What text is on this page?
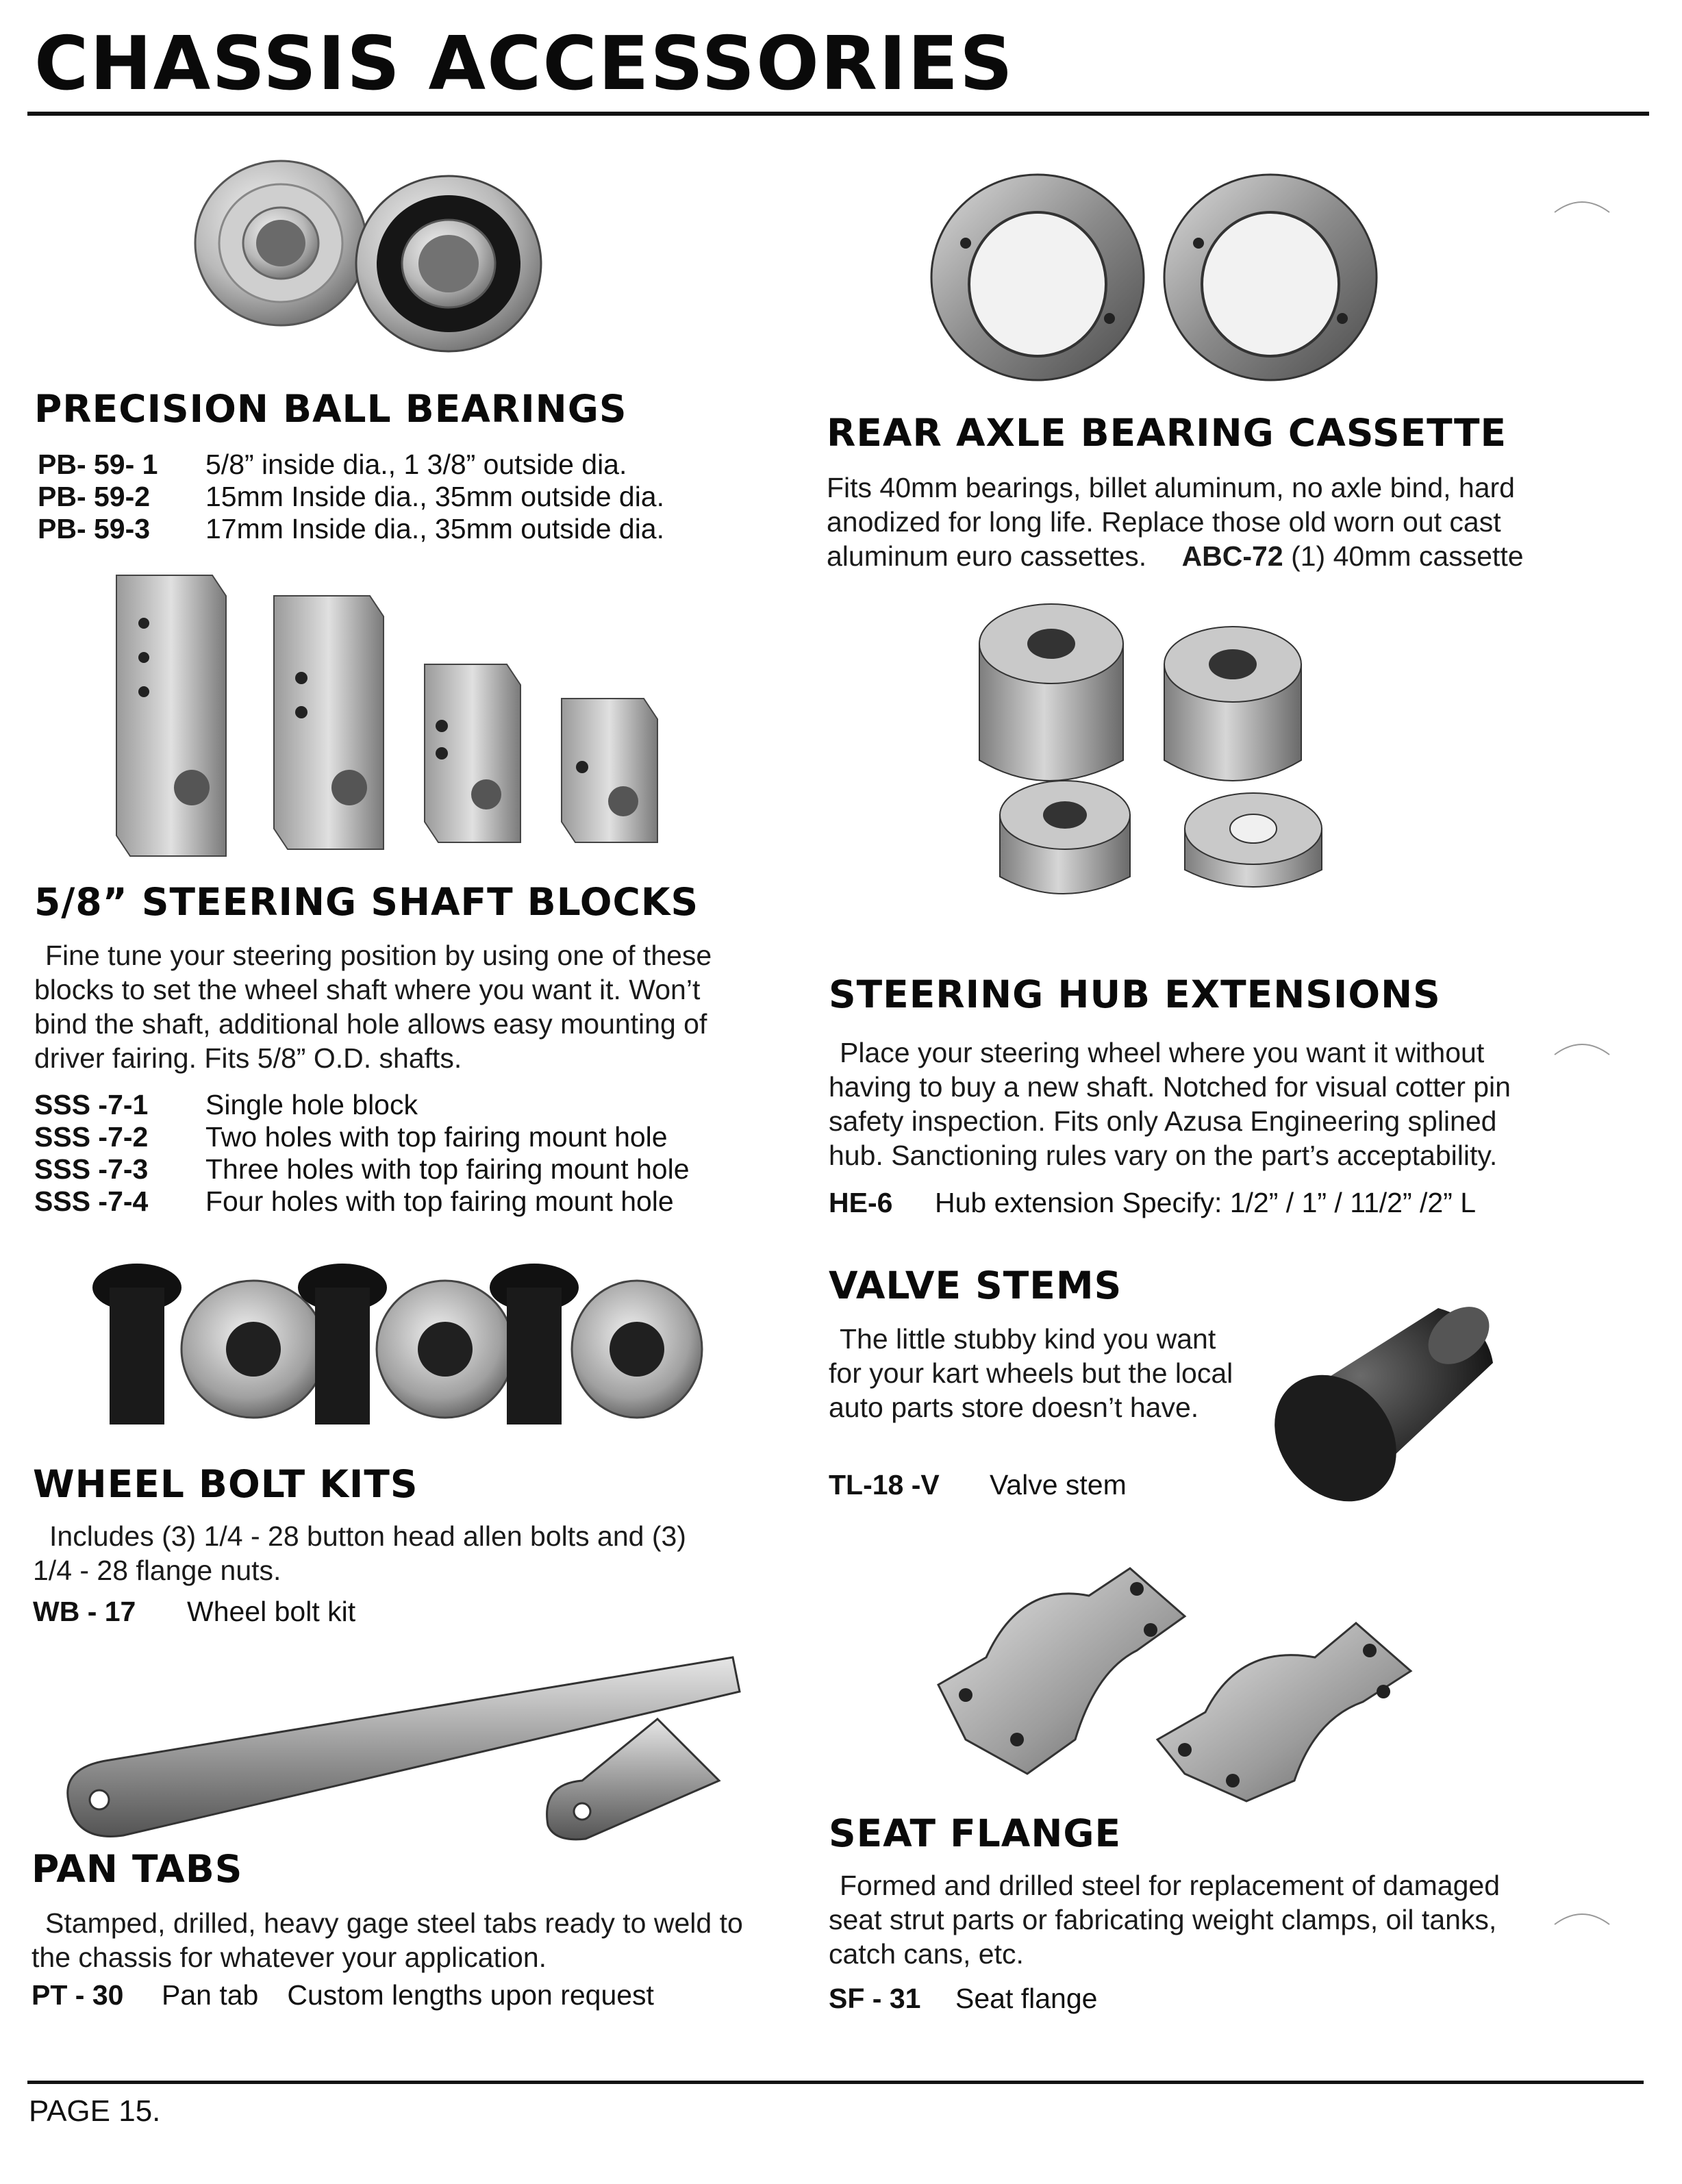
CHASSIS ACCESSORIES
PRECISION BALL BEARINGS
PB- 59- 1 5/8” inside dia., 1 3/8” outside dia.
PB- 59-2 15mm Inside dia., 35mm outside dia.
PB- 59-3 17mm Inside dia., 35mm outside dia.
REAR AXLE BEARING CASSETTE
Fits 40mm bearings, billet aluminum, no axle bind, hard anodized for long life. Replace those old worn out cast aluminum euro cassettes. ABC-72 (1) 40mm cassette
5/8” STEERING SHAFT BLOCKS
Fine tune your steering position by using one of these blocks to set the wheel shaft where you want it. Won’t bind the shaft, additional hole allows easy mounting of driver fairing. Fits 5/8” O.D. shafts.
SSS -7-1 Single hole block
SSS -7-2 Two holes with top fairing mount hole
SSS -7-3 Three holes with top fairing mount hole
SSS -7-4 Four holes with top fairing mount hole
STEERING HUB EXTENSIONS
Place your steering wheel where you want it without having to buy a new shaft. Notched for visual cotter pin safety inspection. Fits only Azusa Engineering splined hub. Sanctioning rules vary on the part’s acceptability.
HE-6 Hub extension Specify: 1/2” / 1” / 11/2” /2” L
VALVE STEMS
The little stubby kind you want for your kart wheels but the local auto parts store doesn’t have.
TL-18 -V Valve stem
WHEEL BOLT KITS
Includes (3) 1/4 - 28 button head allen bolts and (3) 1/4 - 28 flange nuts.
WB - 17 Wheel bolt kit
SEAT FLANGE
Formed and drilled steel for replacement of damaged seat strut parts or fabricating weight clamps, oil tanks, catch cans, etc.
SF - 31 Seat flange
PAN TABS
Stamped, drilled, heavy gage steel tabs ready to weld to the chassis for whatever your application.
PT - 30 Pan tab Custom lengths upon request
PAGE 15.
